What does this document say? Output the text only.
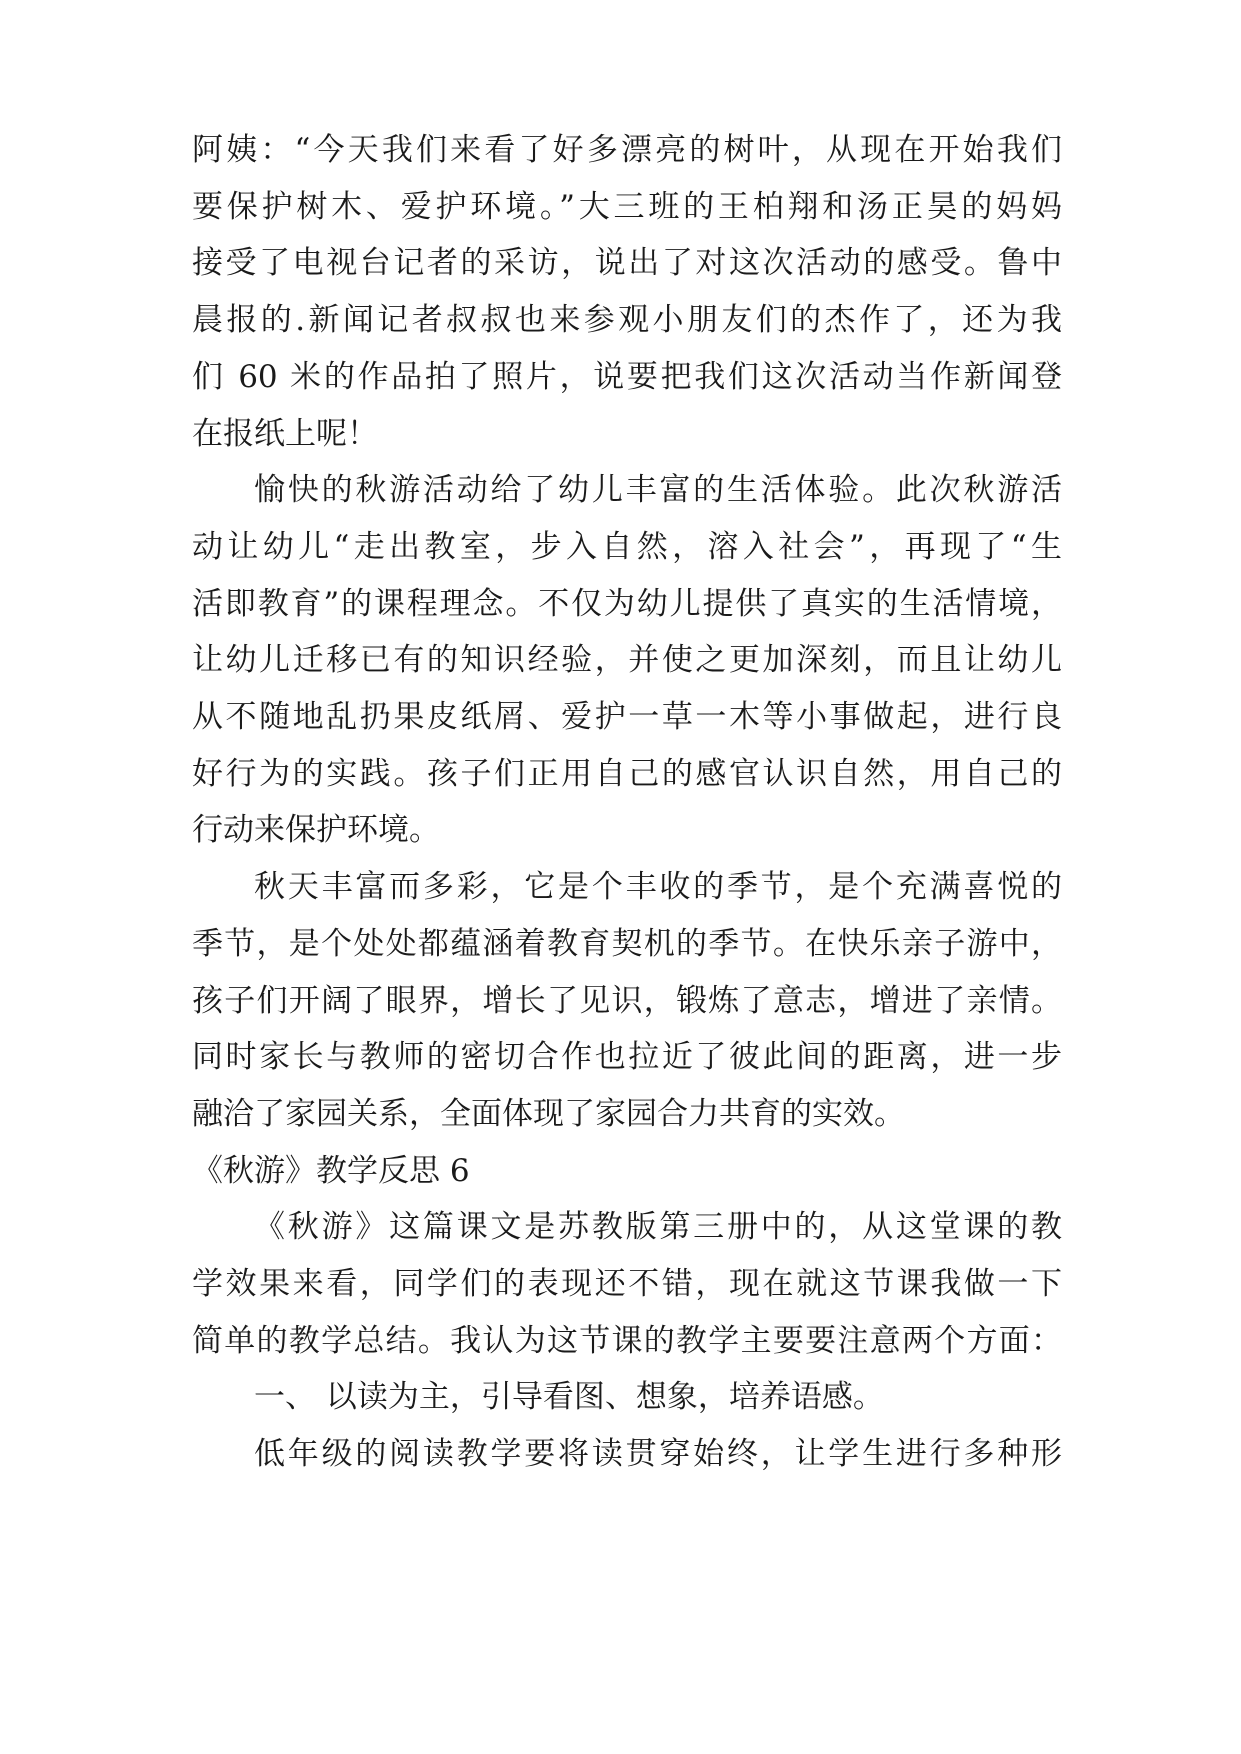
阿姨：“今天我们来看了好多漂亮的树叶，从现在开始我们
要保护树木、爱护环境。”大三班的王柏翔和汤正昊的妈妈
接受了电视台记者的采访，说出了对这次活动的感受。鲁中
晨报的.新闻记者叔叔也来参观小朋友们的杰作了，还为我
们 60 米的作品拍了照片，说要把我们这次活动当作新闻登
在报纸上呢！
愉快的秋游活动给了幼儿丰富的生活体验。此次秋游活
动让幼儿“走出教室，步入自然，溶入社会”，再现了“生
活即教育”的课程理念。不仅为幼儿提供了真实的生活情境，
让幼儿迁移已有的知识经验，并使之更加深刻，而且让幼儿
从不随地乱扔果皮纸屑、爱护一草一木等小事做起，进行良
好行为的实践。孩子们正用自己的感官认识自然，用自己的
行动来保护环境。
秋天丰富而多彩，它是个丰收的季节，是个充满喜悦的
季节，是个处处都蕴涵着教育契机的季节。在快乐亲子游中，
孩子们开阔了眼界，增长了见识，锻炼了意志，增进了亲情。
同时家长与教师的密切合作也拉近了彼此间的距离，进一步
融洽了家园关系，全面体现了家园合力共育的实效。
《秋游》教学反思 6
《秋游》这篇课文是苏教版第三册中的，从这堂课的教
学效果来看，同学们的表现还不错，现在就这节课我做一下
简单的教学总结。我认为这节课的教学主要要注意两个方面：
一、 以读为主，引导看图、想象，培养语感。
低年级的阅读教学要将读贯穿始终，让学生进行多种形
